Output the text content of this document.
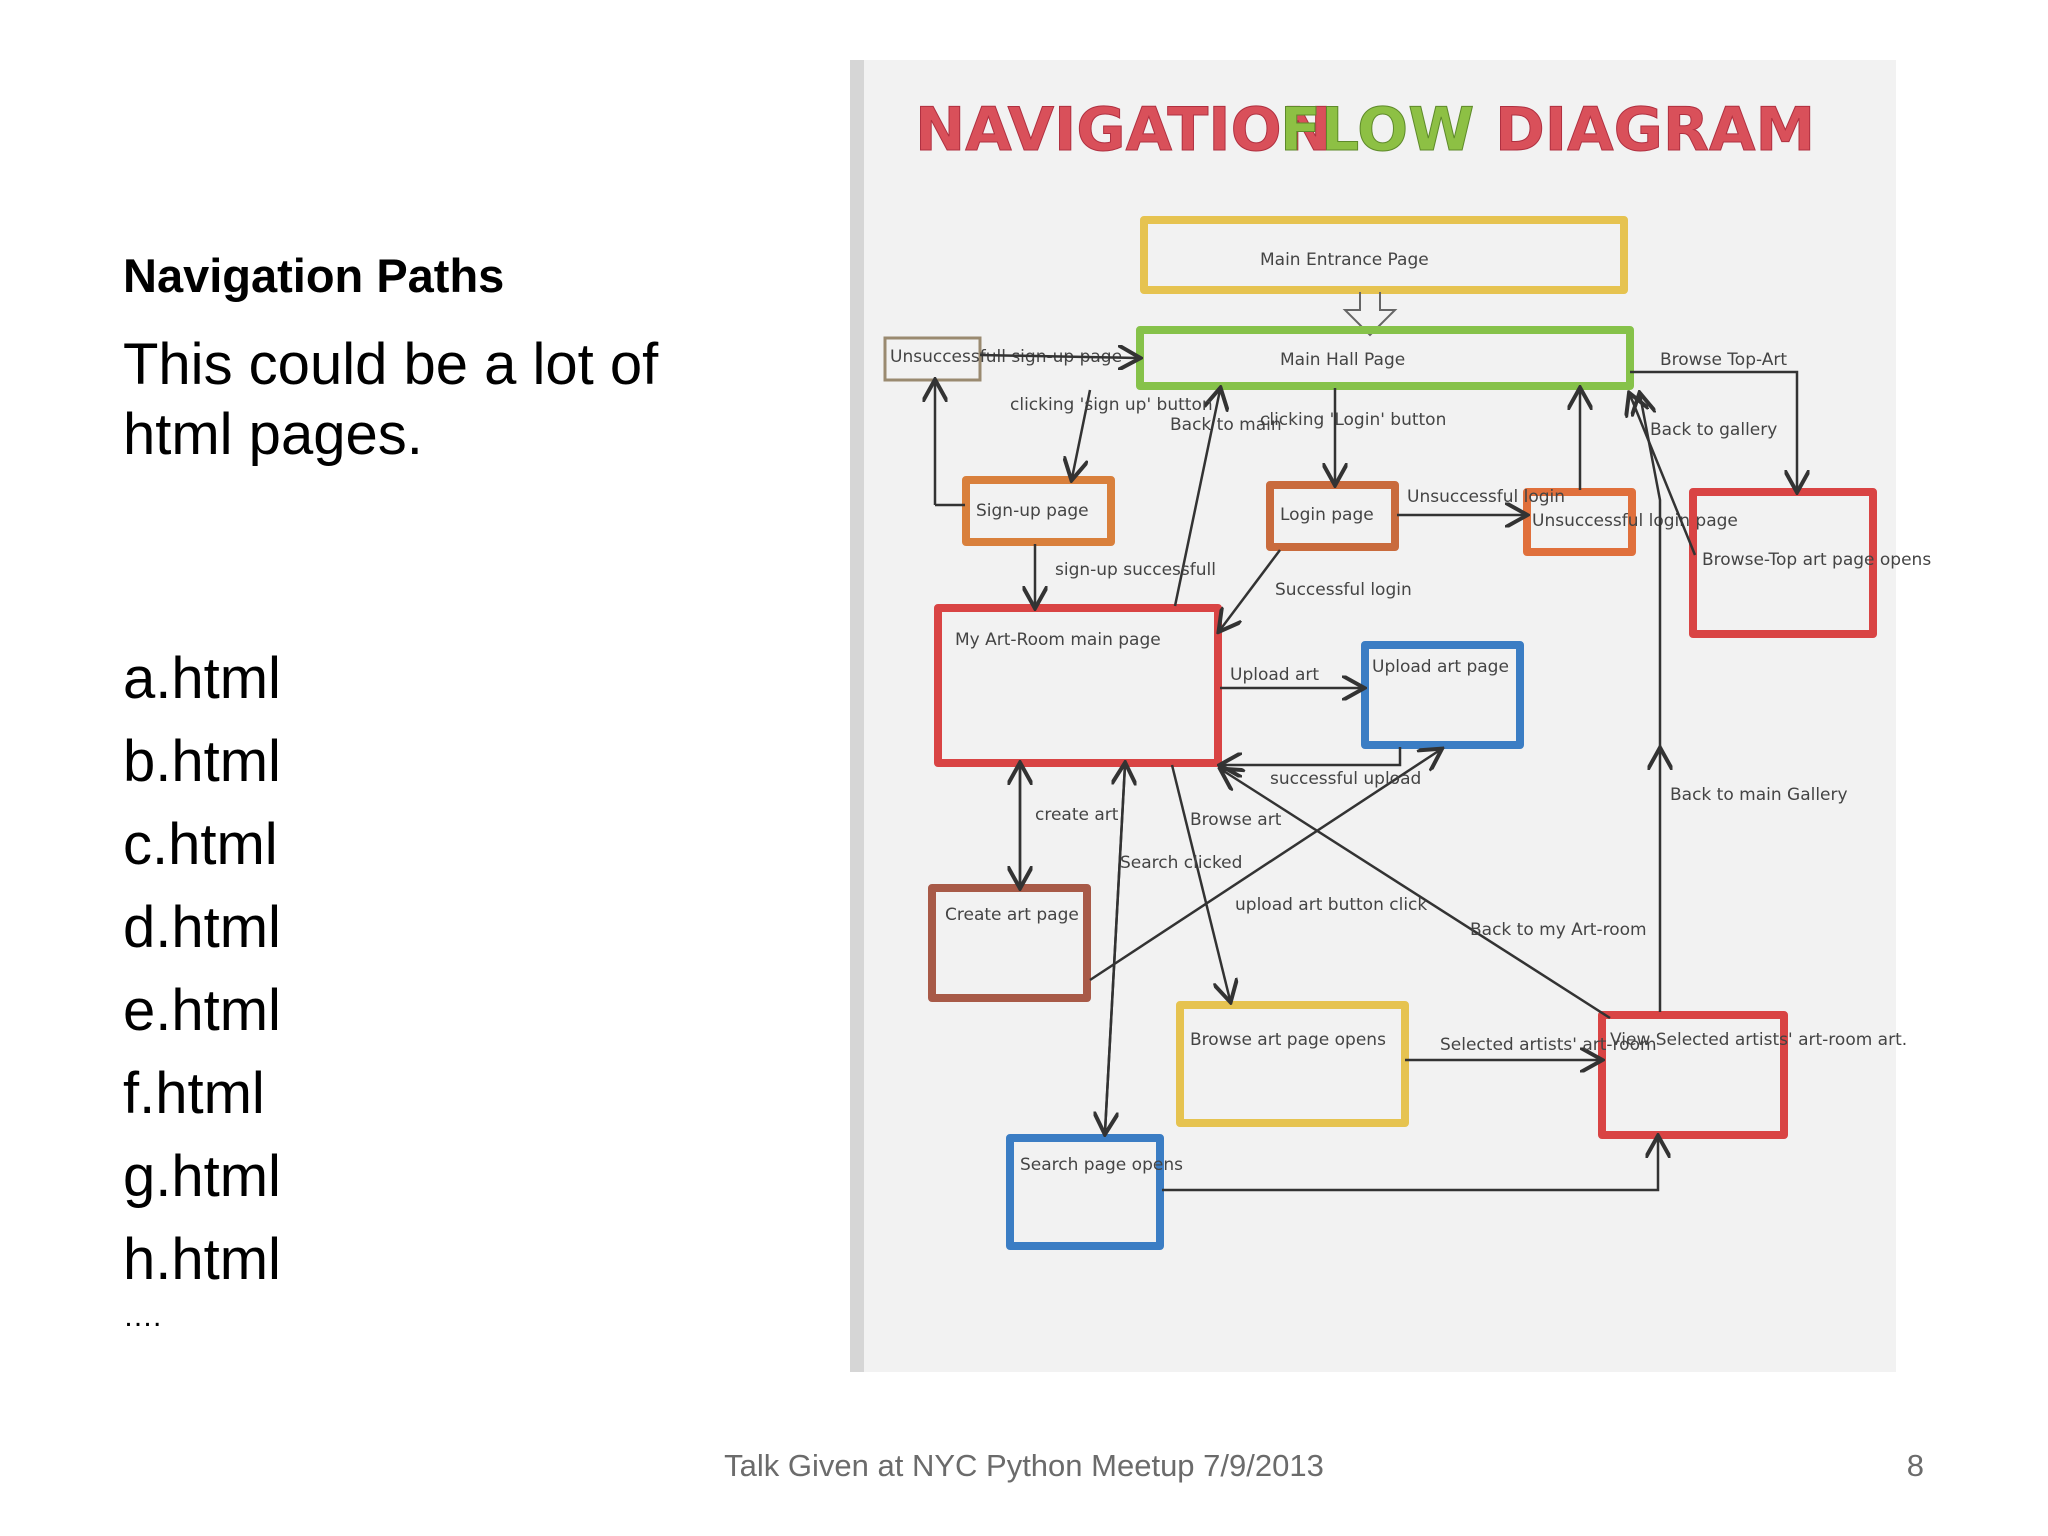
Navigation Paths
This could be a lot of html pages.
a.html
b.html
c.html
d.html
e.html
f.html
g.html
h.html
….
NAVIGATION
FLOW DIAGRAM
Main Entrance Page
Main Hall Page
Unsuccessfull sign-up page
Sign-up page	Login page	Unsuccessful login page
Browse-Top art page opens
My Art-Room main page
Upload art page
Create art page
Browse art page opens	View Selected artists' art-room art.
Search page opens
clicking 'sign up' button
Back to main
clicking 'Login' button
Unsuccessful login
Browse Top-Art
Back to gallery
sign-up successfull
Successful login
Upload art
successful upload
create art	Browse art
Search clicked
upload art button click
Back to my Art-room
Back to main Gallery
Selected artists' art-room
Talk Given at NYC Python Meetup 7/9/2013	8
